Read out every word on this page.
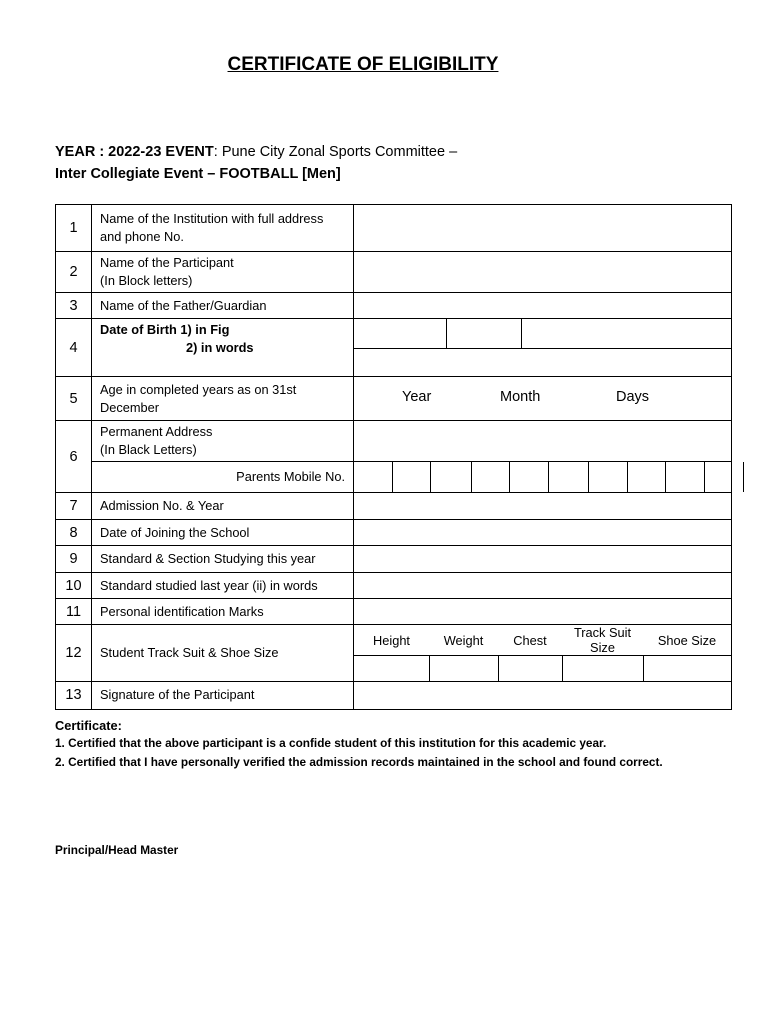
CERTIFICATE OF ELIGIBILITY
YEAR : 2022-23 EVENT: Pune City Zonal Sports Committee –
Inter Collegiate Event – FOOTBALL [Men]
1	Name of the Institution with full address and phone No.	
2	
Name of the Participant
(In Block letters)

3	Name of the Father/Guardian	
4	
Date of Birth 1) in Fig
2) in words

5	Age in completed years as on 31st December	
Year	Month	Days

6	
Permanent Address
(In Black Letters)

Parents Mobile No.	

7	Admission No. & Year	
8	Date of Joining the School	
9	Standard & Section Studying this year	
10	Standard studied last year (ii) in words	
11	Personal identification Marks	
12	Student Track Suit & Shoe Size	
Height	Weight	Chest	Track Suit Size	Shoe Size

13	Signature of the Participant	
Certificate:
1. Certified that the above participant is a confide student of this institution for this academic year.
2. Certified that I have personally verified the admission records maintained in the school and found correct.
Principal/Head Master
